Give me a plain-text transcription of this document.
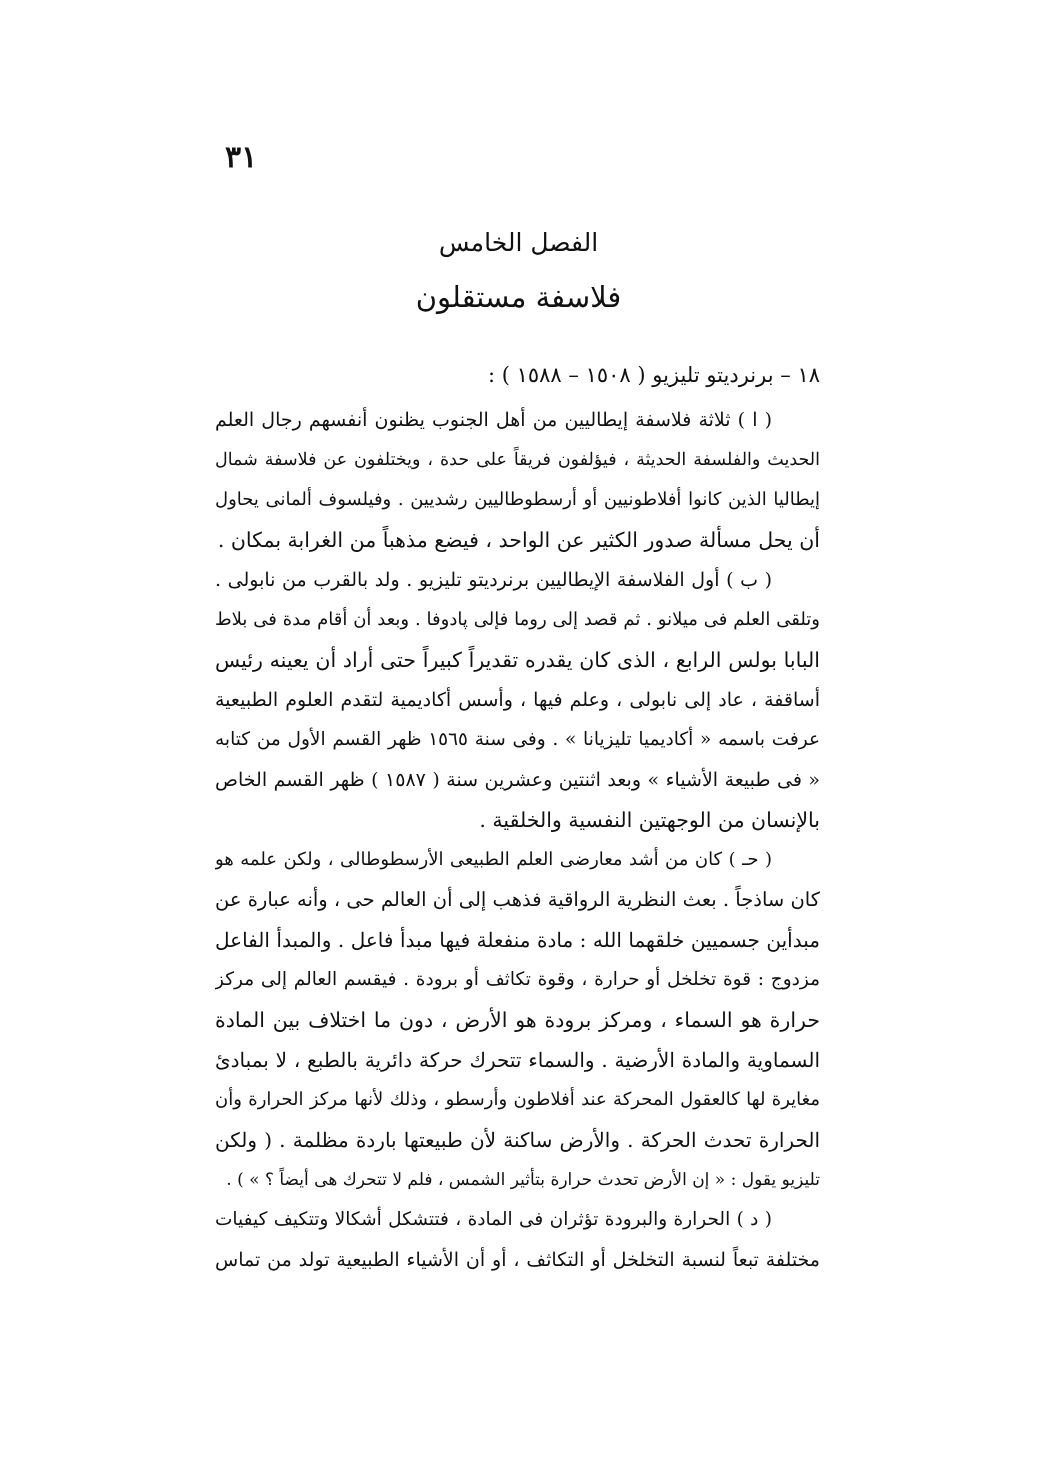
٣١
الفصل الخامس
فلاسفة مستقلون
١٨ – برنرديتو تليزيو ( ١٥٠٨ – ١٥٨٨ ) :
( ا ) ثلاثة فلاسفة إيطاليين من أهل الجنوب يظنون أنفسهم رجال العلم
الحديث والفلسفة الحديثة ، فيؤلفون فريقاً على حدة ، ويختلفون عن فلاسفة شمال
إيطاليا الذين كانوا أفلاطونيين أو أرسطوطاليين رشديين . وفيلسوف ألمانى يحاول
أن يحل مسألة صدور الكثير عن الواحد ، فيضع مذهباً من الغرابة بمكان .
( ب ) أول الفلاسفة الإيطاليين برنرديتو تليزيو . ولد بالقرب من نابولى .
وتلقى العلم فى ميلانو . ثم قصد إلى روما فإلى پادوفا . وبعد أن أقام مدة فى بلاط
البابا بولس الرابع ، الذى كان يقدره تقديراً كبيراً حتى أراد أن يعينه رئيس
أساقفة ، عاد إلى نابولى ، وعلم فيها ، وأسس أكاديمية لتقدم العلوم الطبيعية
عرفت باسمه « أكاديميا تليزيانا » . وفى سنة ١٥٦٥ ظهر القسم الأول من كتابه
« فى طبيعة الأشياء » وبعد اثنتين وعشرين سنة ( ١٥٨٧ ) ظهر القسم الخاص
بالإنسان من الوجهتين النفسية والخلقية .
( حـ ) كان من أشد معارضى العلم الطبيعى الأرسطوطالى ، ولكن علمه هو
كان ساذجاً . بعث النظرية الرواقية فذهب إلى أن العالم حى ، وأنه عبارة عن
مبدأين جسميين خلقهما الله : مادة منفعلة فيها مبدأ فاعل . والمبدأ الفاعل
مزدوج : قوة تخلخل أو حرارة ، وقوة تكاثف أو برودة . فيقسم العالم إلى مركز
حرارة هو السماء ، ومركز برودة هو الأرض ، دون ما اختلاف بين المادة
السماوية والمادة الأرضية . والسماء تتحرك حركة دائرية بالطبع ، لا بمبادئ
مغايرة لها كالعقول المحركة عند أفلاطون وأرسطو ، وذلك لأنها مركز الحرارة وأن
الحرارة تحدث الحركة . والأرض ساكنة لأن طبيعتها باردة مظلمة . ( ولكن
تليزيو يقول : « إن الأرض تحدث حرارة بتأثير الشمس ، فلم لا تتحرك هى أيضاً ؟ » ) .
( د ) الحرارة والبرودة تؤثران فى المادة ، فتتشكل أشكالا وتتكيف كيفيات
مختلفة تبعاً لنسبة التخلخل أو التكاثف ، أو أن الأشياء الطبيعية تولد من تماس
